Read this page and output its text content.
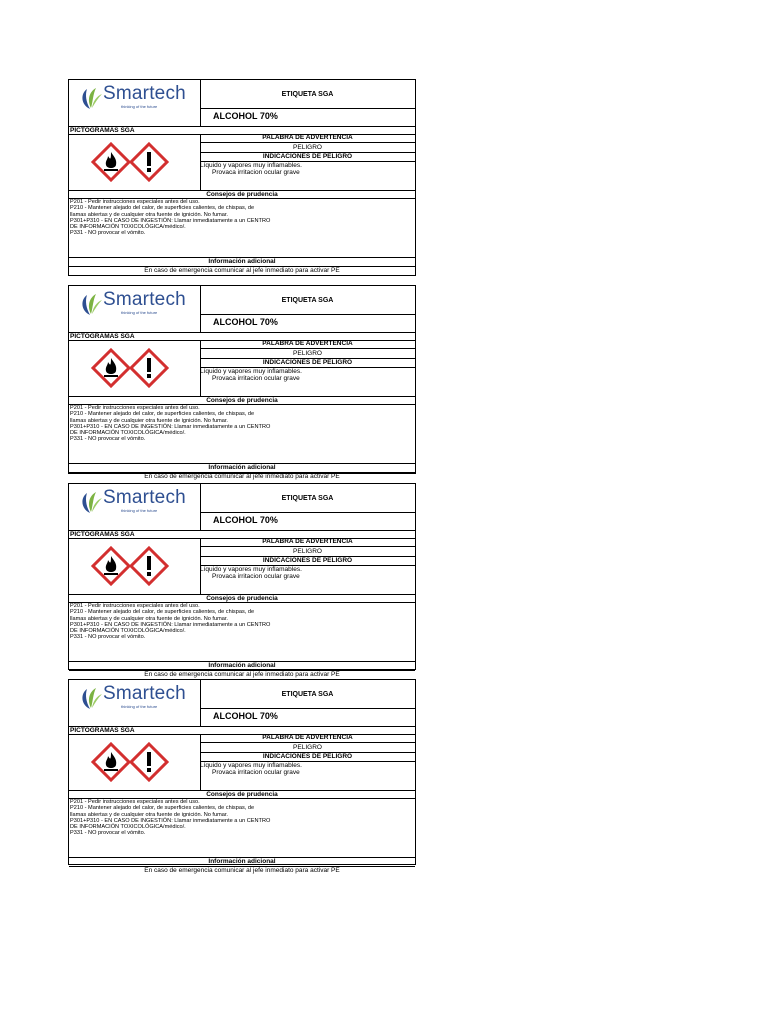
Smartech
thinking of the future
ETIQUETA SGA
ALCOHOL 70%
PICTOGRAMAS SGA
PALABRA DE ADVERTENCIA
PELIGRO
INDICACIONES DE PELIGRO
Líquido y vapores muy inflamables.
Provaca irritacion ocular grave
Consejos de prudencia
P201 - Pedir instrucciones especiales antes del uso.
P210 - Mantener alejado del calor, de superficies calientes, de chispas, de
llamas abiertas y de cualquier otra fuente de ignición. No fumar.
P301+P310 - EN CASO DE INGESTIÓN: Llamar inmediatamente a un CENTRO
DE INFORMACIÓN TOXICOLÓGICA/médico/.
P331 - NO provocar el vómito.
Información adicional
En caso de emergencia comunicar al jefe inmediato para activar PE
Smartech
thinking of the future
ETIQUETA SGA
ALCOHOL 70%
PICTOGRAMAS SGA
PALABRA DE ADVERTENCIA
PELIGRO
INDICACIONES DE PELIGRO
Líquido y vapores muy inflamables.
Provaca irritacion ocular grave
Consejos de prudencia
P201 - Pedir instrucciones especiales antes del uso.
P210 - Mantener alejado del calor, de superficies calientes, de chispas, de
llamas abiertas y de cualquier otra fuente de ignición. No fumar.
P301+P310 - EN CASO DE INGESTIÓN: Llamar inmediatamente a un CENTRO
DE INFORMACIÓN TOXICOLÓGICA/médico/.
P331 - NO provocar el vómito.
Información adicional
En caso de emergencia comunicar al jefe inmediato para activar PE
Smartech
thinking of the future
ETIQUETA SGA
ALCOHOL 70%
PICTOGRAMAS SGA
PALABRA DE ADVERTENCIA
PELIGRO
INDICACIONES DE PELIGRO
Líquido y vapores muy inflamables.
Provaca irritacion ocular grave
Consejos de prudencia
P201 - Pedir instrucciones especiales antes del uso.
P210 - Mantener alejado del calor, de superficies calientes, de chispas, de
llamas abiertas y de cualquier otra fuente de ignición. No fumar.
P301+P310 - EN CASO DE INGESTIÓN: Llamar inmediatamente a un CENTRO
DE INFORMACIÓN TOXICOLÓGICA/médico/.
P331 - NO provocar el vómito.
Información adicional
En caso de emergencia comunicar al jefe inmediato para activar PE
Smartech
thinking of the future
ETIQUETA SGA
ALCOHOL 70%
PICTOGRAMAS SGA
PALABRA DE ADVERTENCIA
PELIGRO
INDICACIONES DE PELIGRO
Líquido y vapores muy inflamables.
Provaca irritacion ocular grave
Consejos de prudencia
P201 - Pedir instrucciones especiales antes del uso.
P210 - Mantener alejado del calor, de superficies calientes, de chispas, de
llamas abiertas y de cualquier otra fuente de ignición. No fumar.
P301+P310 - EN CASO DE INGESTIÓN: Llamar inmediatamente a un CENTRO
DE INFORMACIÓN TOXICOLÓGICA/médico/.
P331 - NO provocar el vómito.
Información adicional
En caso de emergencia comunicar al jefe inmediato para activar PE
